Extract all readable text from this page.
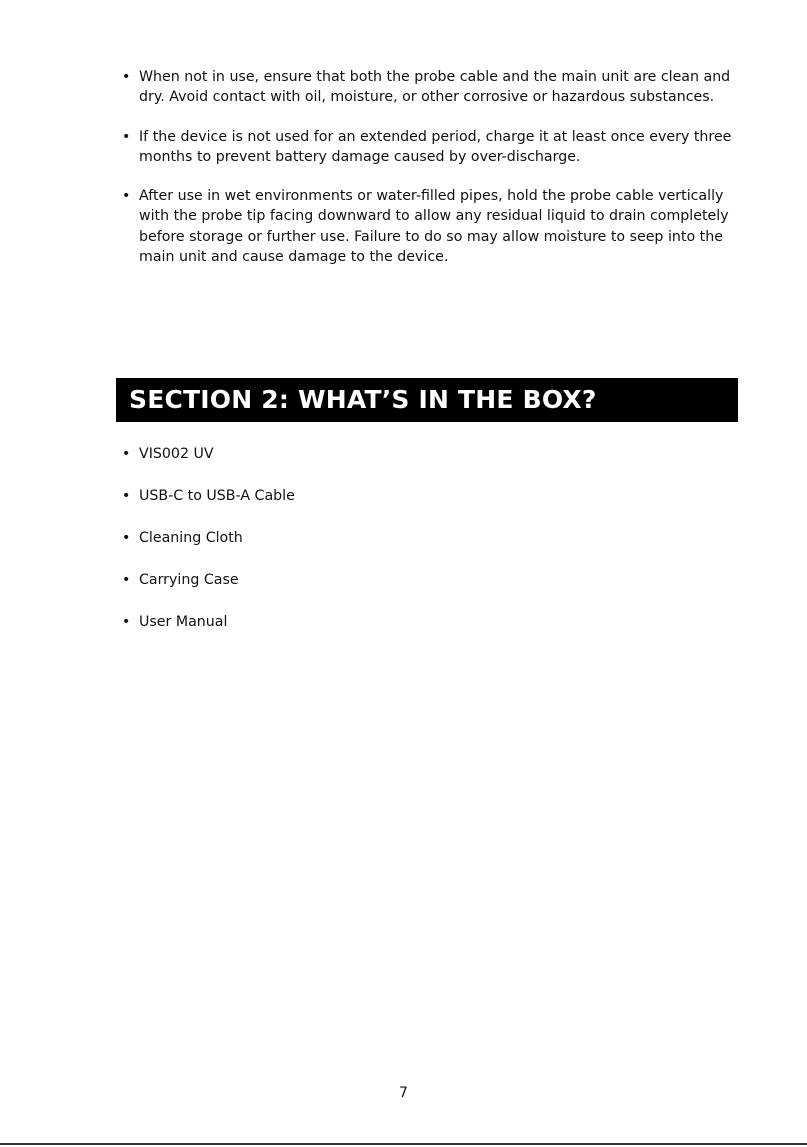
• When not in use, ensure that both the probe cable and the main unit are clean and dry. Avoid contact with oil, moisture, or other corrosive or hazardous substances.
• If the device is not used for an extended period, charge it at least once every three months to prevent battery damage caused by over-discharge.
• After use in wet environments or water-filled pipes, hold the probe cable vertically with the probe tip facing downward to allow any residual liquid to drain completely before storage or further use. Failure to do so may allow moisture to seep into the main unit and cause damage to the device.
SECTION 2: WHAT’S IN THE BOX?
• VIS002 UV
• USB-C to USB-A Cable
• Cleaning Cloth
• Carrying Case
• User Manual
7
